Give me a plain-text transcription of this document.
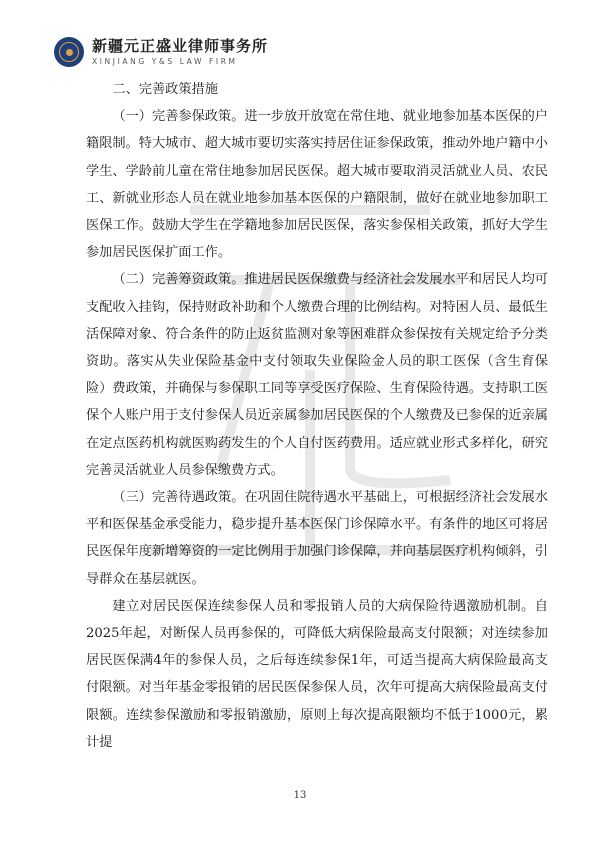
新疆元正盛业律师事务所
XINJIANG Y&S LAW FIRM

二、完善政策措施

（一）完善参保政策。进一步放开放宽在常住地、就业地参加基本医保的户籍限制。特大城市、超大城市要切实落实持居住证参保政策，推动外地户籍中小学生、学龄前儿童在常住地参加居民医保。超大城市要取消灵活就业人员、农民工、新就业形态人员在就业地参加基本医保的户籍限制，做好在就业地参加职工医保工作。鼓励大学生在学籍地参加居民医保，落实参保相关政策，抓好大学生参加居民医保扩面工作。

（二）完善筹资政策。推进居民医保缴费与经济社会发展水平和居民人均可支配收入挂钩，保持财政补助和个人缴费合理的比例结构。对特困人员、最低生活保障对象、符合条件的防止返贫监测对象等困难群众参保按有关规定给予分类资助。落实从失业保险基金中支付领取失业保险金人员的职工医保（含生育保险）费政策，并确保与参保职工同等享受医疗保险、生育保险待遇。支持职工医保个人账户用于支付参保人员近亲属参加居民医保的个人缴费及已参保的近亲属在定点医药机构就医购药发生的个人自付医药费用。适应就业形式多样化，研究完善灵活就业人员参保缴费方式。

（三）完善待遇政策。在巩固住院待遇水平基础上，可根据经济社会发展水平和医保基金承受能力，稳步提升基本医保门诊保障水平。有条件的地区可将居民医保年度新增筹资的一定比例用于加强门诊保障，并向基层医疗机构倾斜，引导群众在基层就医。

建立对居民医保连续参保人员和零报销人员的大病保险待遇激励机制。自2025年起，对断保人员再参保的，可降低大病保险最高支付限额；对连续参加居民医保满4年的参保人员，之后每连续参保1年，可适当提高大病保险最高支付限额。对当年基金零报销的居民医保参保人员，次年可提高大病保险最高支付限额。连续参保激励和零报销激励，原则上每次提高限额均不低于1000元，累计提

13
